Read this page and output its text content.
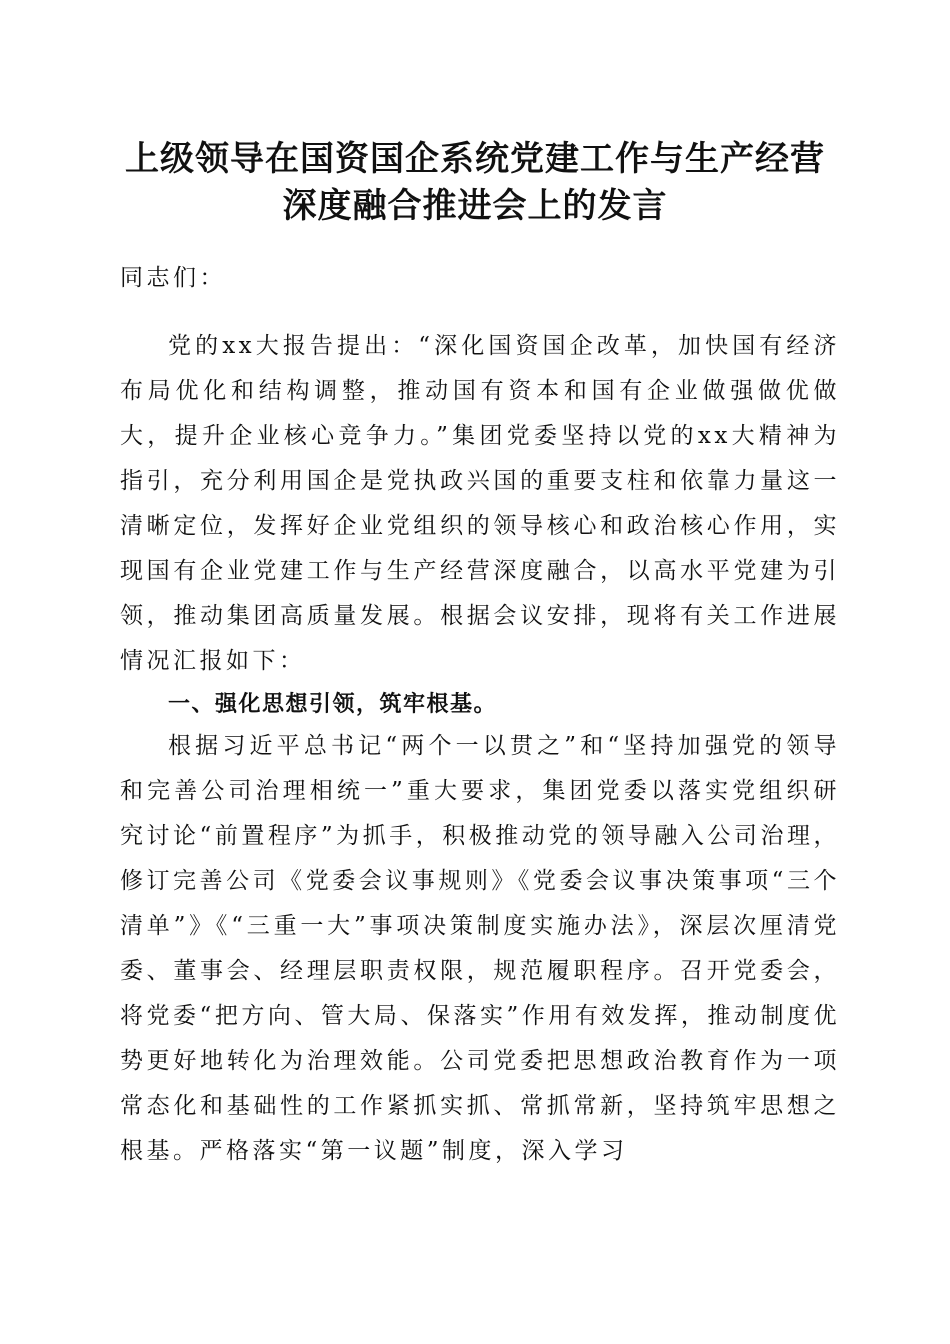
上级领导在国资国企系统党建工作与生产经营
深度融合推进会上的发言

同志们：

党的xx大报告提出：“深化国资国企改革，加快国有经济布局优化和结构调整，推动国有资本和国有企业做强做优做大，提升企业核心竞争力。”集团党委坚持以党的xx大精神为指引，充分利用国企是党执政兴国的重要支柱和依靠力量这一清晰定位，发挥好企业党组织的领导核心和政治核心作用，实现国有企业党建工作与生产经营深度融合，以高水平党建为引领，推动集团高质量发展。根据会议安排，现将有关工作进展情况汇报如下：

一、强化思想引领，筑牢根基。

根据习近平总书记“两个一以贯之”和“坚持加强党的领导和完善公司治理相统一”重大要求，集团党委以落实党组织研究讨论“前置程序”为抓手，积极推动党的领导融入公司治理，修订完善公司《党委会议事规则》《党委会议事决策事项“三个清单”》《“三重一大”事项决策制度实施办法》，深层次厘清党委、董事会、经理层职责权限，规范履职程序。召开党委会，将党委“把方向、管大局、保落实”作用有效发挥，推动制度优势更好地转化为治理效能。公司党委把思想政治教育作为一项常态化和基础性的工作紧抓实抓、常抓常新，坚持筑牢思想之根基。严格落实“第一议题”制度，深入学习
